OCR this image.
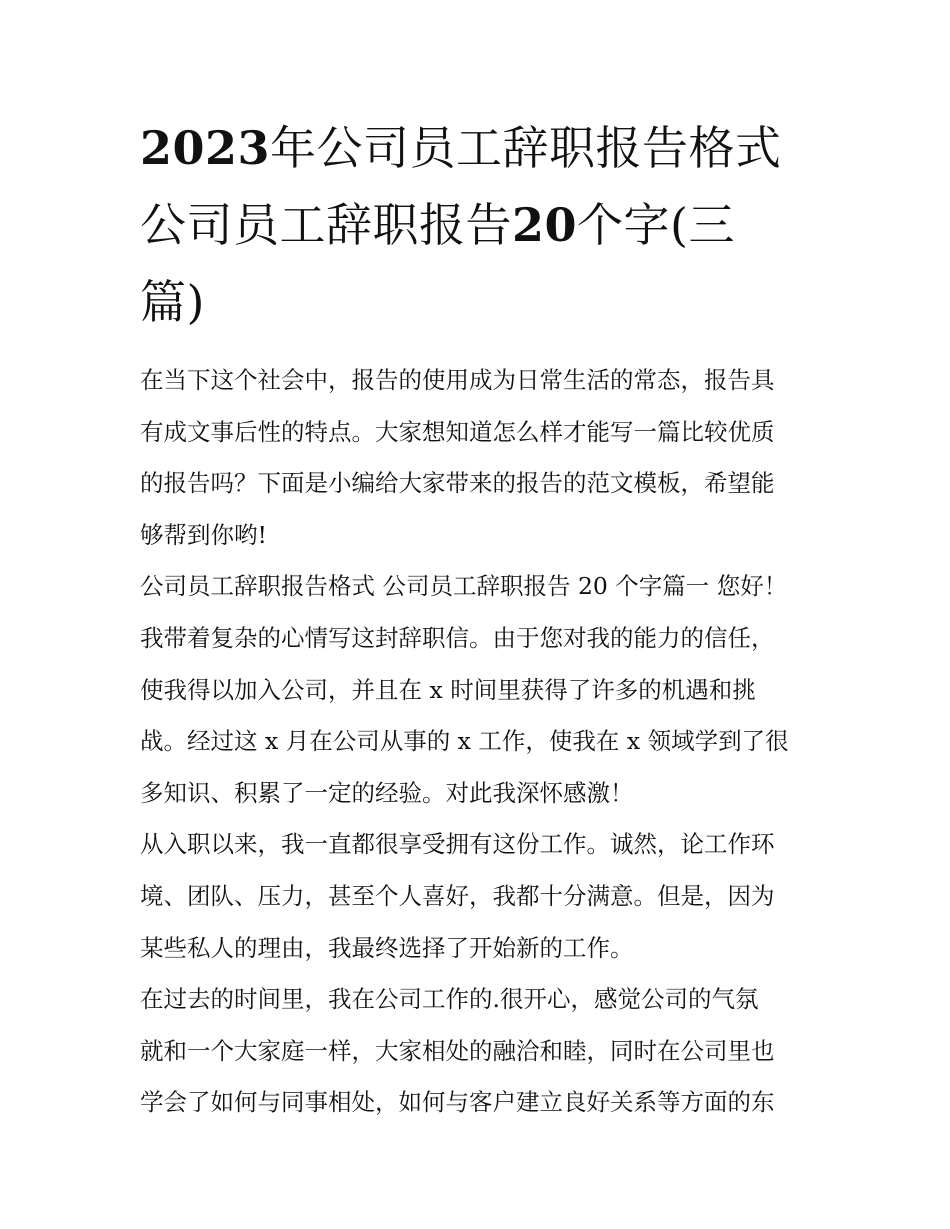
2023年公司员工辞职报告格式
公司员工辞职报告20个字(三
篇)
在当下这个社会中，报告的使用成为日常生活的常态，报告具
有成文事后性的特点。大家想知道怎么样才能写一篇比较优质
的报告吗？下面是小编给大家带来的报告的范文模板，希望能
够帮到你哟!
公司员工辞职报告格式 公司员工辞职报告 20 个字篇一 您好！
我带着复杂的心情写这封辞职信。由于您对我的能力的信任，
使我得以加入公司，并且在 x 时间里获得了许多的机遇和挑
战。经过这 x 月在公司从事的 x 工作，使我在 x 领域学到了很
多知识、积累了一定的经验。对此我深怀感激！
从入职以来，我一直都很享受拥有这份工作。诚然，论工作环
境、团队、压力，甚至个人喜好，我都十分满意。但是，因为
某些私人的理由，我最终选择了开始新的工作。
在过去的时间里，我在公司工作的.很开心，感觉公司的气氛
就和一个大家庭一样，大家相处的融洽和睦，同时在公司里也
学会了如何与同事相处，如何与客户建立良好关系等方面的东
